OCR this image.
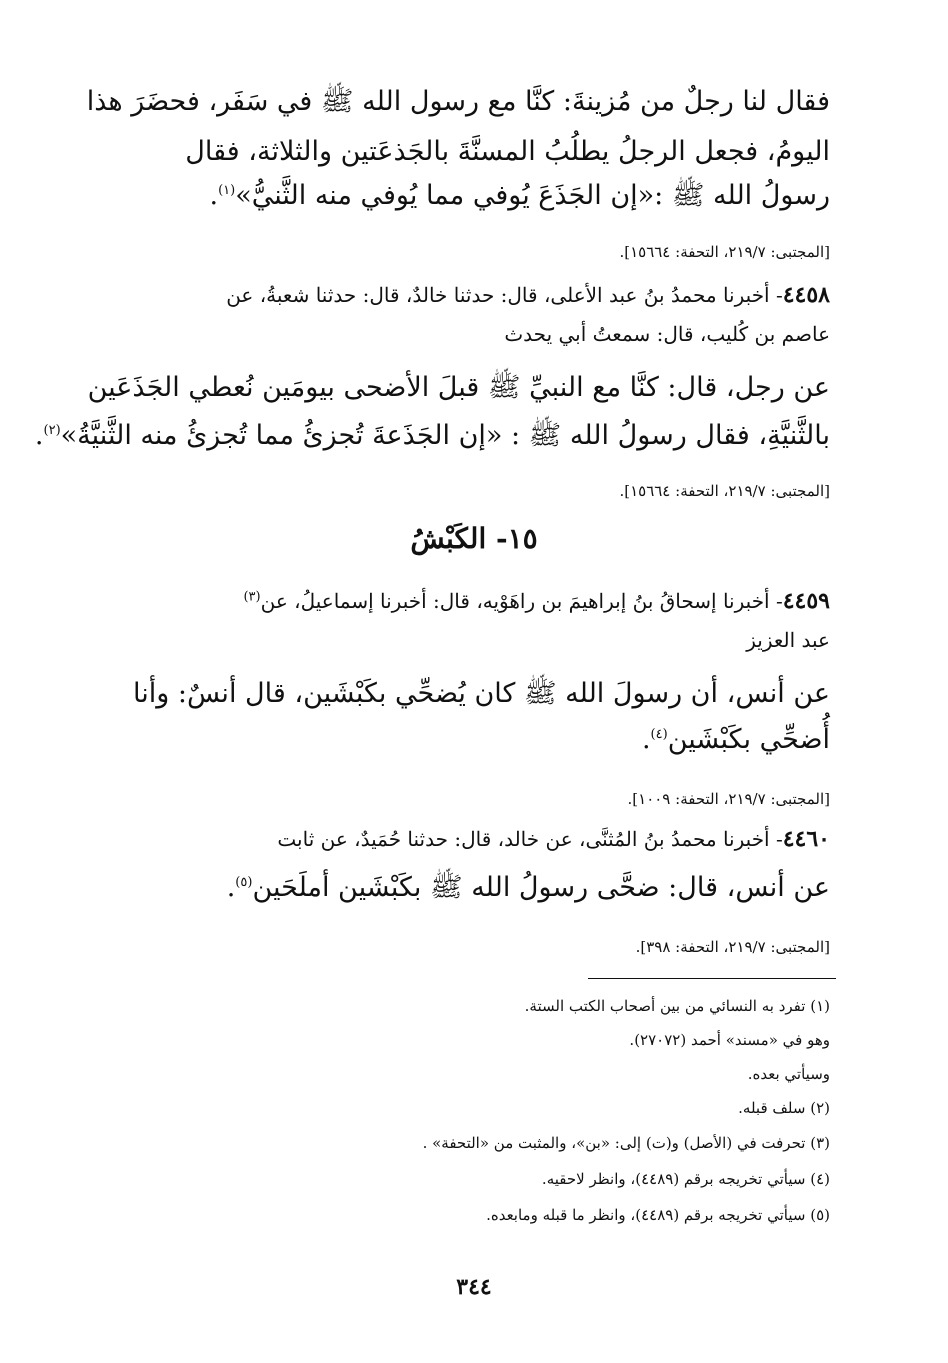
فقال لنا رجلٌ من مُزينةَ: كنَّا مع رسول الله ﷺ في سَفَر، فحضَرَ هذا
اليومُ، فجعل الرجلُ يطلُبُ المسنَّةَ بالجَذعَتين والثلاثة، فقال
رسولُ الله ﷺ :«إن الجَذَعَ يُوفي مما يُوفي منه الثَّنيُّ»$^{(١)}$.
[المجتبى: ٢١٩/٧، التحفة: ١٥٦٦٤].
٤٤٥٨- أخبرنا محمدُ بنُ عبد الأعلى، قال: حدثنا خالدٌ، قال: حدثنا شعبةُ، عن
عاصم بن كُليب، قال: سمعتُ أبي يحدث
عن رجل، قال: كنَّا مع النبيِّ ﷺ قبلَ الأضحى بيومَين نُعطي الجَذَعَين
بالثَّنيَّةِ، فقال رسولُ الله ﷺ : «إن الجَذَعةَ تُجزئُ مما تُجزئُ منه الثَّنيَّةُ»$^{(٢)}$.
[المجتبى: ٢١٩/٧، التحفة: ١٥٦٦٤].
١٥- الكَبْشُ
٤٤٥٩- أخبرنا إسحاقُ بنُ إبراهيمَ بن راهَوْيه، قال: أخبرنا إسماعيلُ، عن$^{(٣)}$
عبد العزيز
عن أنس، أن رسولَ الله ﷺ كان يُضحِّي بكَبْشَين، قال أنسٌ: وأنا
أُضحِّي بكَبْشَين$^{(٤)}$.
[المجتبى: ٢١٩/٧، التحفة: ١٠٠٩].
٤٤٦٠- أخبرنا محمدُ بنُ المُثنَّى، عن خالد، قال: حدثنا حُمَيدٌ، عن ثابت
عن أنس، قال: ضحَّى رسولُ الله ﷺ بكَبْشَين أملَحَين$^{(٥)}$.
[المجتبى: ٢١٩/٧، التحفة: ٣٩٨].
(١) تفرد به النسائي من بين أصحاب الكتب الستة.
وهو في «مسند» أحمد (٢٧٠٧٢).
وسيأتي بعده.
(٢) سلف قبله.
(٣) تحرفت في (الأصل) و(ت) إلى: «بن»، والمثبت من «التحفة» .
(٤) سيأتي تخريجه برقم (٤٤٨٩)، وانظر لاحقيه.
(٥) سيأتي تخريجه برقم (٤٤٨٩)، وانظر ما قبله ومابعده.
٣٤٤
